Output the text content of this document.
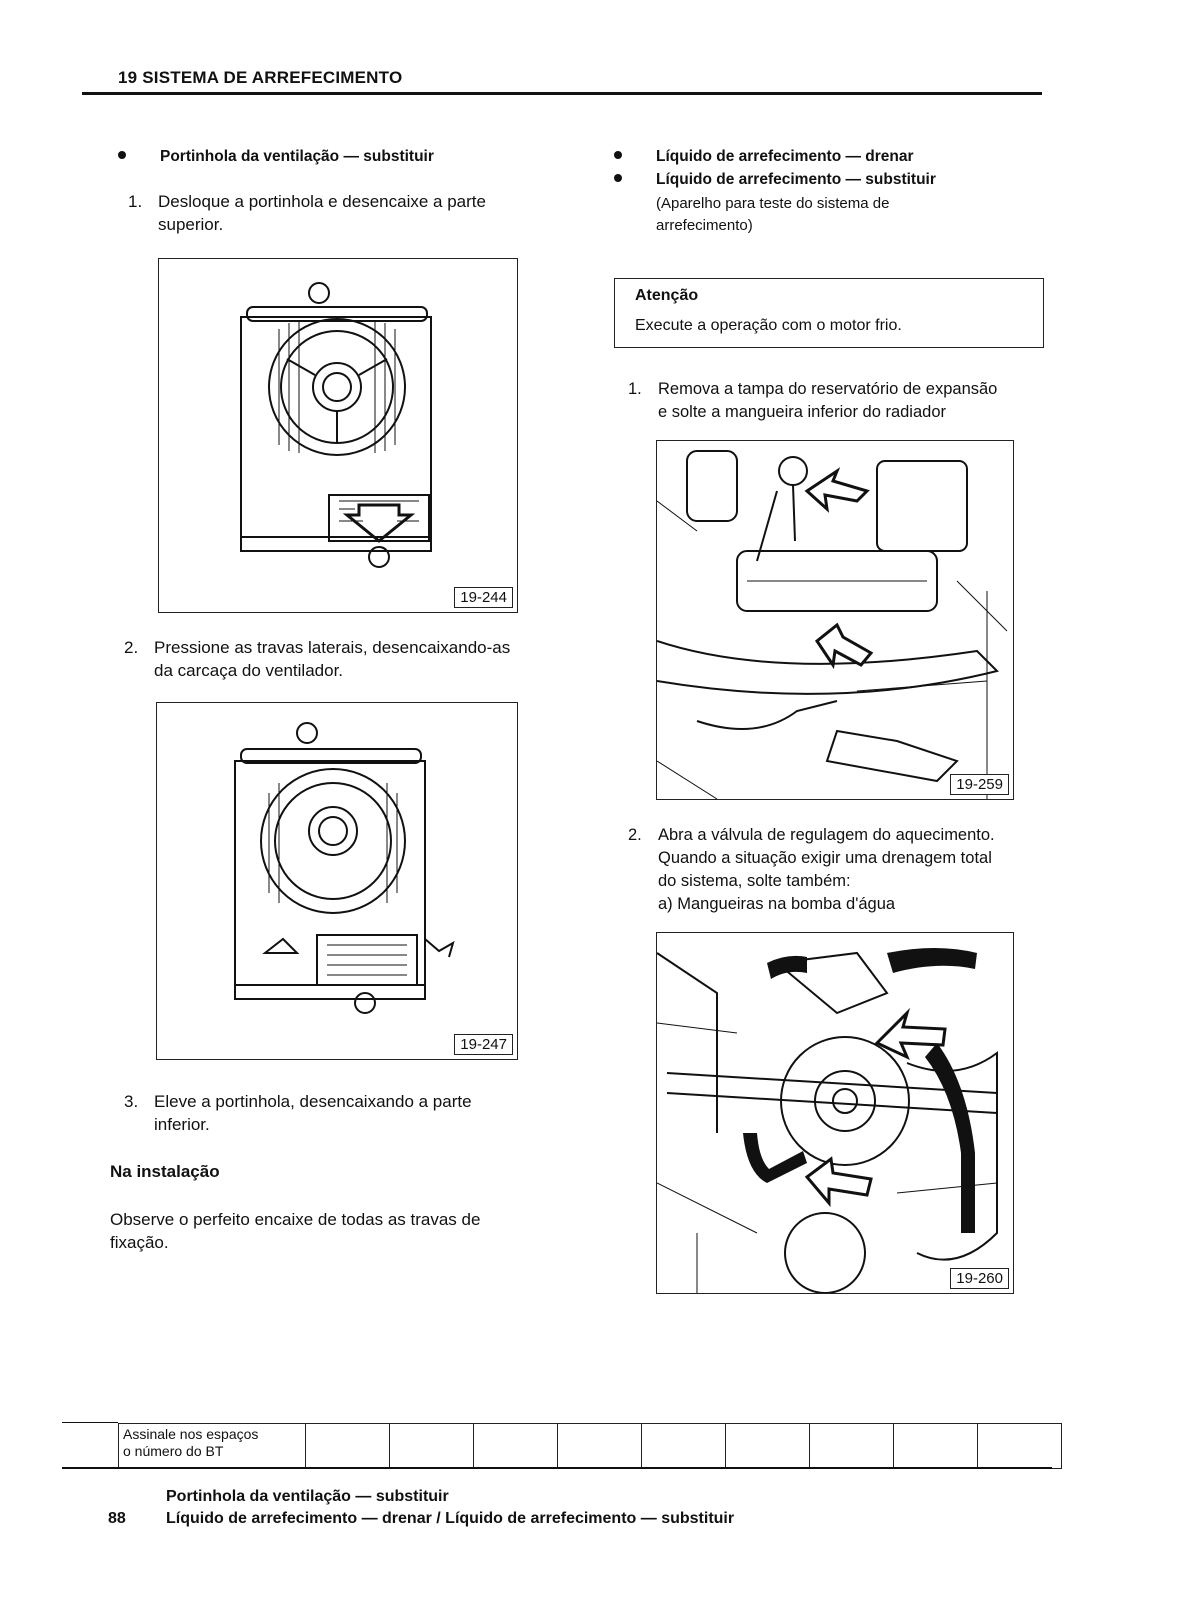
19 SISTEMA DE ARREFECIMENTO
Portinhola da ventilação — substituir
1. Desloque a portinhola e desencaixe a parte
superior.
19-244
2. Pressione as travas laterais, desencaixando-as
da carcaça do ventilador.
19-247
3. Eleve a portinhola, desencaixando a parte
inferior.
Na instalação
Observe o perfeito encaixe de todas as travas de
fixação.
Líquido de arrefecimento — drenar
Líquido de arrefecimento — substituir
(Aparelho para teste do sistema de
arrefecimento)
Atenção
Execute a operação com o motor frio.
1. Remova a tampa do reservatório de expansão
e solte a mangueira inferior do radiador
19-259
2. Abra a válvula de regulagem do aquecimento.
Quando a situação exigir uma drenagem total
do sistema, solte também:
a) Mangueiras na bomba d'água
19-260
Assinale nos espaços
o número do BT									
Portinhola da ventilação — substituir
88	Líquido de arrefecimento — drenar / Líquido de arrefecimento — substituir
